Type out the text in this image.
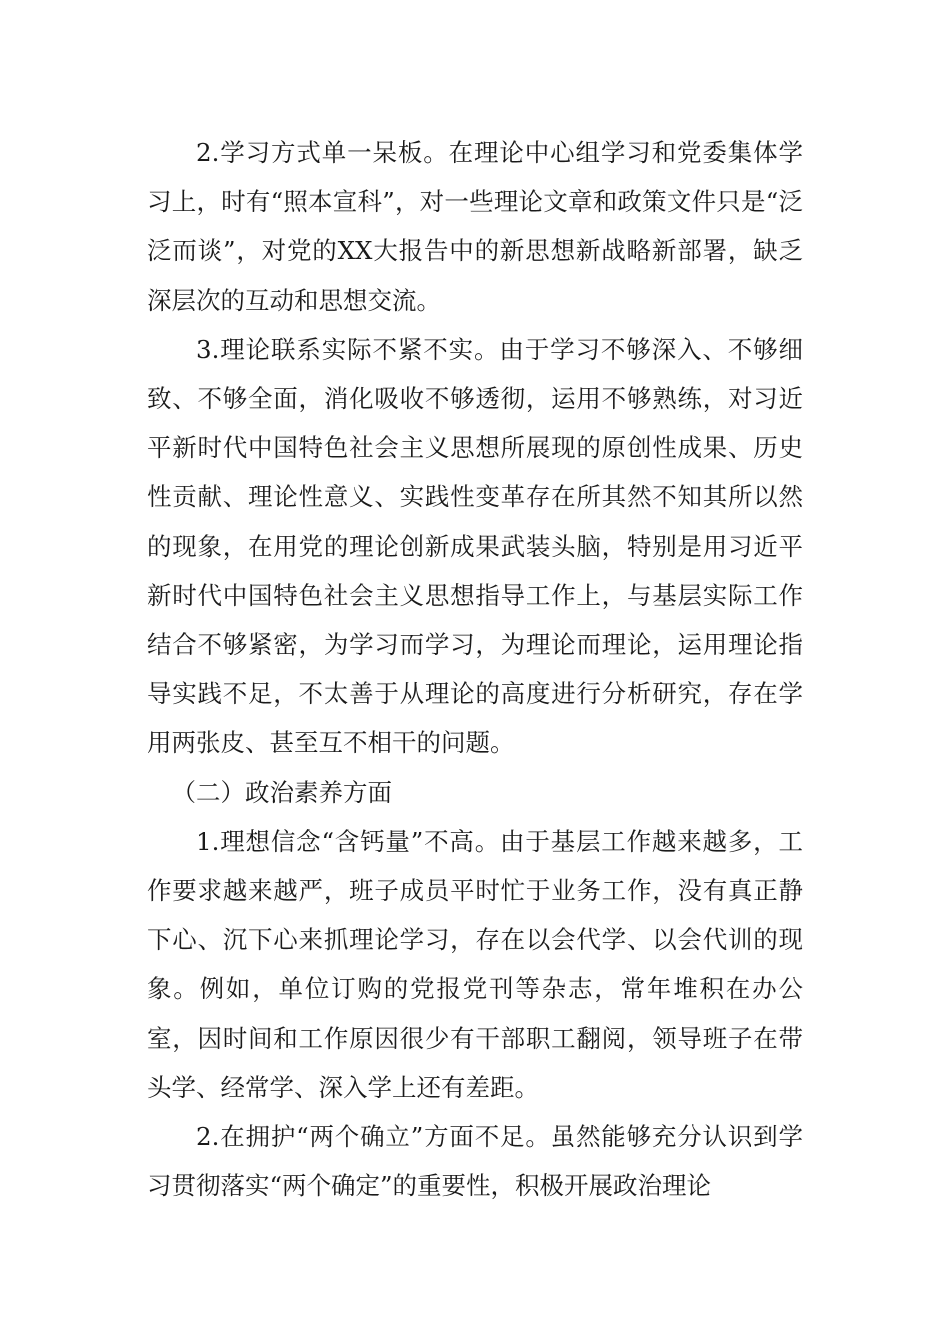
2.学习方式单一呆板。在理论中心组学习和党委集体学习上，时有“照本宣科”，对一些理论文章和政策文件只是“泛泛而谈”，对党的XX大报告中的新思想新战略新部署，缺乏深层次的互动和思想交流。

3.理论联系实际不紧不实。由于学习不够深入、不够细致、不够全面，消化吸收不够透彻，运用不够熟练，对习近平新时代中国特色社会主义思想所展现的原创性成果、历史性贡献、理论性意义、实践性变革存在所其然不知其所以然的现象，在用党的理论创新成果武装头脑，特别是用习近平新时代中国特色社会主义思想指导工作上，与基层实际工作结合不够紧密，为学习而学习，为理论而理论，运用理论指导实践不足，不太善于从理论的高度进行分析研究，存在学用两张皮、甚至互不相干的问题。

（二）政治素养方面

1.理想信念“含钙量”不高。由于基层工作越来越多，工作要求越来越严，班子成员平时忙于业务工作，没有真正静下心、沉下心来抓理论学习，存在以会代学、以会代训的现象。例如，单位订购的党报党刊等杂志，常年堆积在办公室，因时间和工作原因很少有干部职工翻阅，领导班子在带头学、经常学、深入学上还有差距。

2.在拥护“两个确立”方面不足。虽然能够充分认识到学习贯彻落实“两个确定”的重要性，积极开展政治理论
